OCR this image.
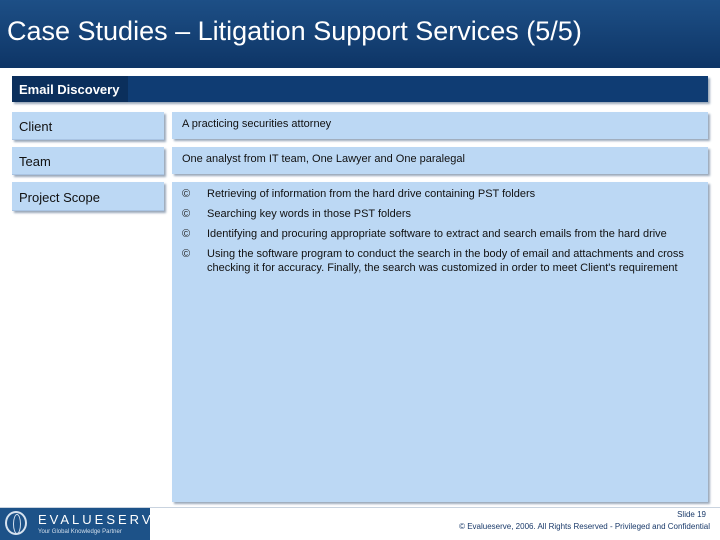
Case Studies – Litigation Support Services (5/5)
Email Discovery
Client	A practicing securities attorney
Team	One analyst from IT team, One Lawyer and One paralegal
Project Scope	© Retrieving of information from the hard drive containing PST folders
© Searching key words in those PST folders
© Identifying and procuring appropriate software to extract and search emails from the hard drive
© Using the software program to conduct the search in the body of email and attachments and cross checking it for accuracy. Finally, the search was customized in order to meet Client's requirement
EVALUESERVE
Your Global Knowledge Partner
Slide 19
© Evalueserve, 2006. All Rights Reserved - Privileged and Confidential
